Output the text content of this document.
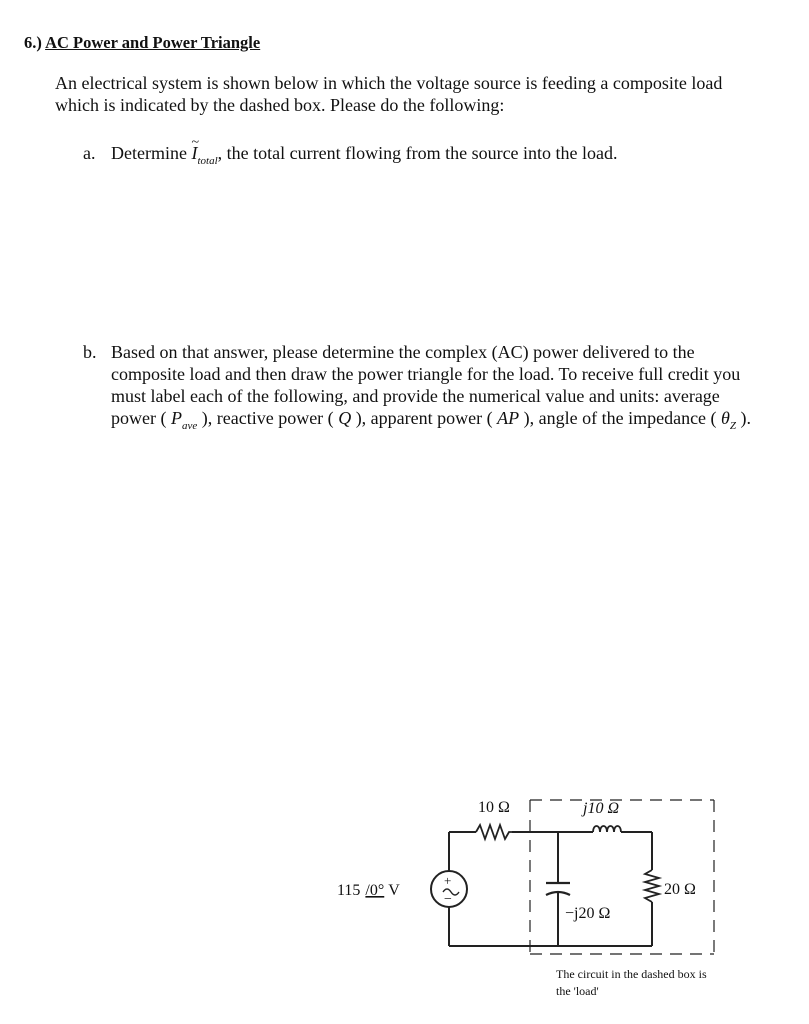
6.) AC Power and Power Triangle
An electrical system is shown below in which the voltage source is feeding a composite load
which is indicated by the dashed box. Please do the following:
a. Determine ~ $I_{total}$, the total current flowing from the source into the load.
b. Based on that answer, please determine the complex (AC) power delivered to the
composite load and then draw the power triangle for the load. To receive full credit you
must label each of the following, and provide the numerical value and units: average
power ( $P_{ave}$ ), reactive power ( Q ), apparent power ( AP ), angle of the impedance ( $\theta_Z$ ).
+
−
115 /0° V
10 Ω	j10 Ω
−j20 Ω
20 Ω
The circuit in the dashed box is
the 'load'
